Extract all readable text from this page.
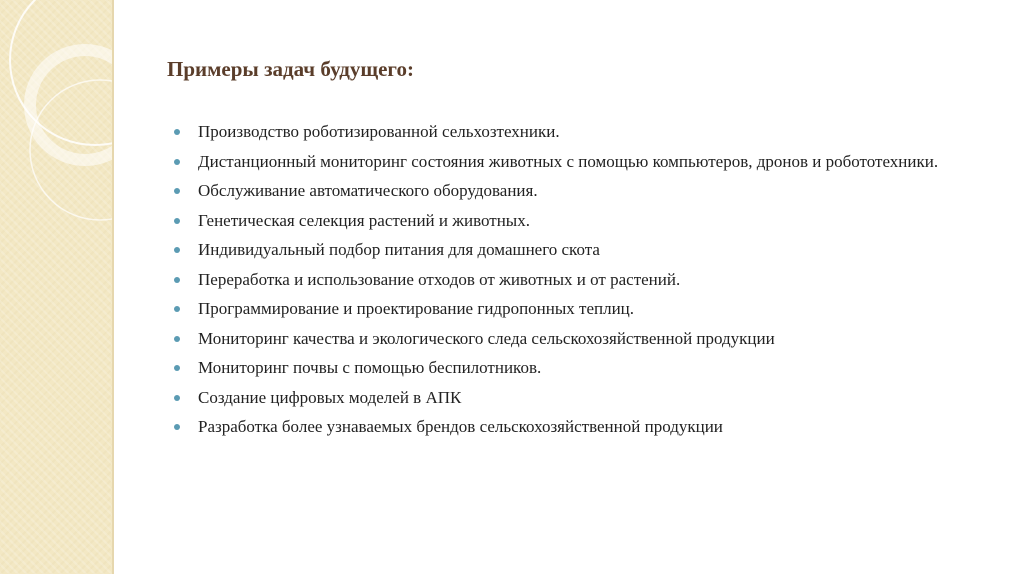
Примеры задач будущего:
Производство роботизированной сельхозтехники.
Дистанционный мониторинг состояния животных с помощью компьютеров, дронов и робототехники.
Обслуживание автоматического оборудования.
Генетическая селекция растений и животных.
Индивидуальный подбор питания для домашнего скота
Переработка и использование отходов от животных и от растений.
Программирование и проектирование гидропонных теплиц.
Мониторинг качества и экологического следа сельскохозяйственной продукции
Мониторинг почвы с помощью беспилотников.
Создание цифровых моделей в АПК
Разработка более узнаваемых брендов сельскохозяйственной продукции
